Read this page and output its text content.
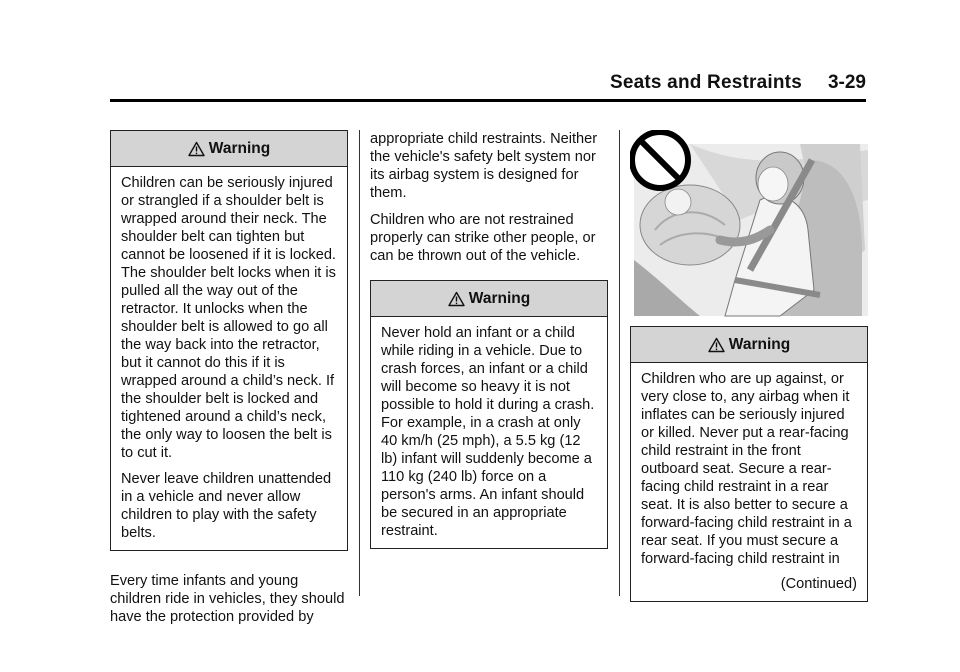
Seats and Restraints 3-29
Warning

Children can be seriously injured or strangled if a shoulder belt is wrapped around their neck. The shoulder belt can tighten but cannot be loosened if it is locked. The shoulder belt locks when it is pulled all the way out of the retractor. It unlocks when the shoulder belt is allowed to go all the way back into the retractor, but it cannot do this if it is wrapped around a child’s neck. If the shoulder belt is locked and tightened around a child’s neck, the only way to loosen the belt is to cut it.

Never leave children unattended in a vehicle and never allow children to play with the safety belts.

Every time infants and young children ride in vehicles, they should have the protection provided by

appropriate child restraints. Neither the vehicle's safety belt system nor its airbag system is designed for them.

Children who are not restrained properly can strike other people, or can be thrown out of the vehicle.

Warning

Never hold an infant or a child while riding in a vehicle. Due to crash forces, an infant or a child will become so heavy it is not possible to hold it during a crash. For example, in a crash at only 40 km/h (25 mph), a 5.5 kg (12 lb) infant will suddenly become a 110 kg (240 lb) force on a person's arms. An infant should be secured in an appropriate restraint.

Warning

Children who are up against, or very close to, any airbag when it inflates can be seriously injured or killed. Never put a rear-facing child restraint in the front outboard seat. Secure a rear-facing child restraint in a rear seat. It is also better to secure a forward-facing child restraint in a rear seat. If you must secure a forward-facing child restraint in

(Continued)
